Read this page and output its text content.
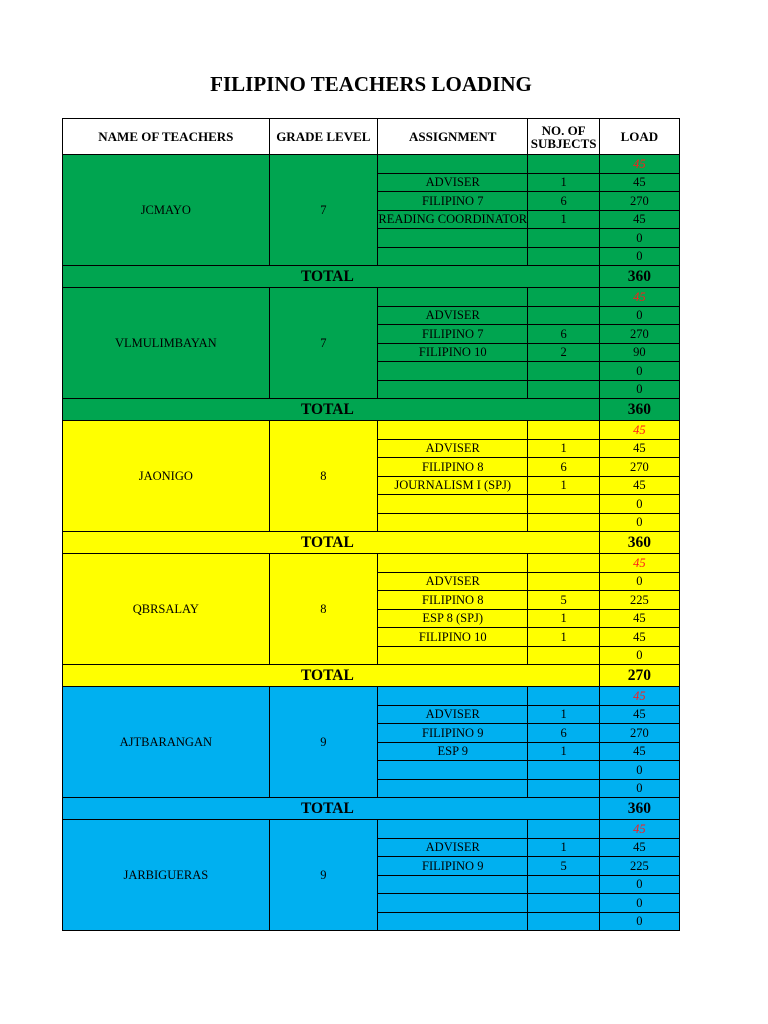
FILIPINO TEACHERS LOADING
NAME OF TEACHERS	GRADE LEVEL	ASSIGNMENT	NO. OF SUBJECTS	LOAD
JCMAYO	7			45
		ADVISER	1	45
		FILIPINO 7	6	270
		READING COORDINATOR	1	45
				0
				0
TOTAL				360
VLMULIMBAYAN	7			45
		ADVISER		0
		FILIPINO 7	6	270
		FILIPINO 10	2	90
				0
				0
TOTAL				360
JAONIGO	8			45
		ADVISER	1	45
		FILIPINO 8	6	270
		JOURNALISM I (SPJ)	1	45
				0
				0
TOTAL				360
QBRSALAY	8			45
		ADVISER		0
		FILIPINO 8	5	225
		ESP 8 (SPJ)	1	45
		FILIPINO 10	1	45
				0
TOTAL				270
AJTBARANGAN	9			45
		ADVISER	1	45
		FILIPINO 9	6	270
		ESP 9	1	45
				0
				0
TOTAL				360
JARBIGUERAS	9			45
		ADVISER	1	45
		FILIPINO 9	5	225
				0
				0
				0
